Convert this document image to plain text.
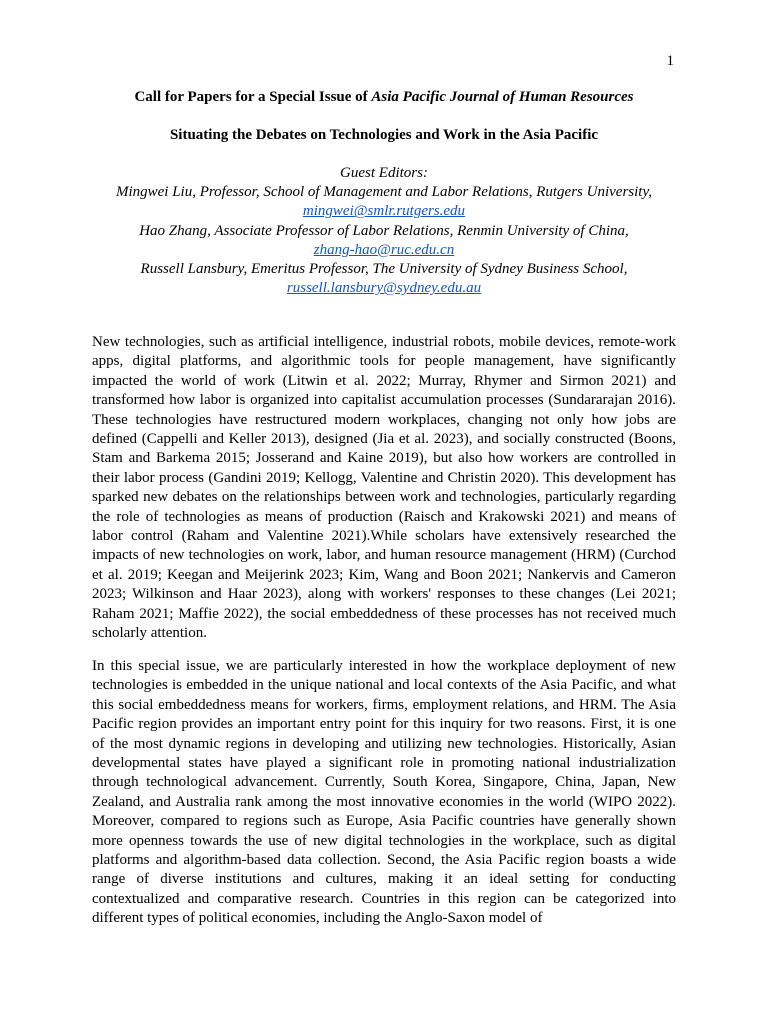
1
Call for Papers for a Special Issue of Asia Pacific Journal of Human Resources
Situating the Debates on Technologies and Work in the Asia Pacific
Guest Editors:
Mingwei Liu, Professor, School of Management and Labor Relations, Rutgers University,
mingwei@smlr.rutgers.edu
Hao Zhang, Associate Professor of Labor Relations, Renmin University of China,
zhang-hao@ruc.edu.cn
Russell Lansbury, Emeritus Professor, The University of Sydney Business School,
russell.lansbury@sydney.edu.au

New technologies, such as artificial intelligence, industrial robots, mobile devices, remote-work apps, digital platforms, and algorithmic tools for people management, have significantly impacted the world of work (Litwin et al. 2022; Murray, Rhymer and Sirmon 2021) and transformed how labor is organized into capitalist accumulation processes (Sundararajan 2016). These technologies have restructured modern workplaces, changing not only how jobs are defined (Cappelli and Keller 2013), designed (Jia et al. 2023), and socially constructed (Boons, Stam and Barkema 2015; Josserand and Kaine 2019), but also how workers are controlled in their labor process (Gandini 2019; Kellogg, Valentine and Christin 2020). This development has sparked new debates on the relationships between work and technologies, particularly regarding the role of technologies as means of production (Raisch and Krakowski 2021) and means of labor control (Raham and Valentine 2021).While scholars have extensively researched the impacts of new technologies on work, labor, and human resource management (HRM) (Curchod et al. 2019; Keegan and Meijerink 2023; Kim, Wang and Boon 2021; Nankervis and Cameron 2023; Wilkinson and Haar 2023), along with workers' responses to these changes (Lei 2021; Raham 2021; Maffie 2022), the social embeddedness of these processes has not received much scholarly attention.

In this special issue, we are particularly interested in how the workplace deployment of new technologies is embedded in the unique national and local contexts of the Asia Pacific, and what this social embeddedness means for workers, firms, employment relations, and HRM. The Asia Pacific region provides an important entry point for this inquiry for two reasons. First, it is one of the most dynamic regions in developing and utilizing new technologies. Historically, Asian developmental states have played a significant role in promoting national industrialization through technological advancement. Currently, South Korea, Singapore, China, Japan, New Zealand, and Australia rank among the most innovative economies in the world (WIPO 2022). Moreover, compared to regions such as Europe, Asia Pacific countries have generally shown more openness towards the use of new digital technologies in the workplace, such as digital platforms and algorithm-based data collection. Second, the Asia Pacific region boasts a wide range of diverse institutions and cultures, making it an ideal setting for conducting contextualized and comparative research. Countries in this region can be categorized into different types of political economies, including the Anglo-Saxon model of
